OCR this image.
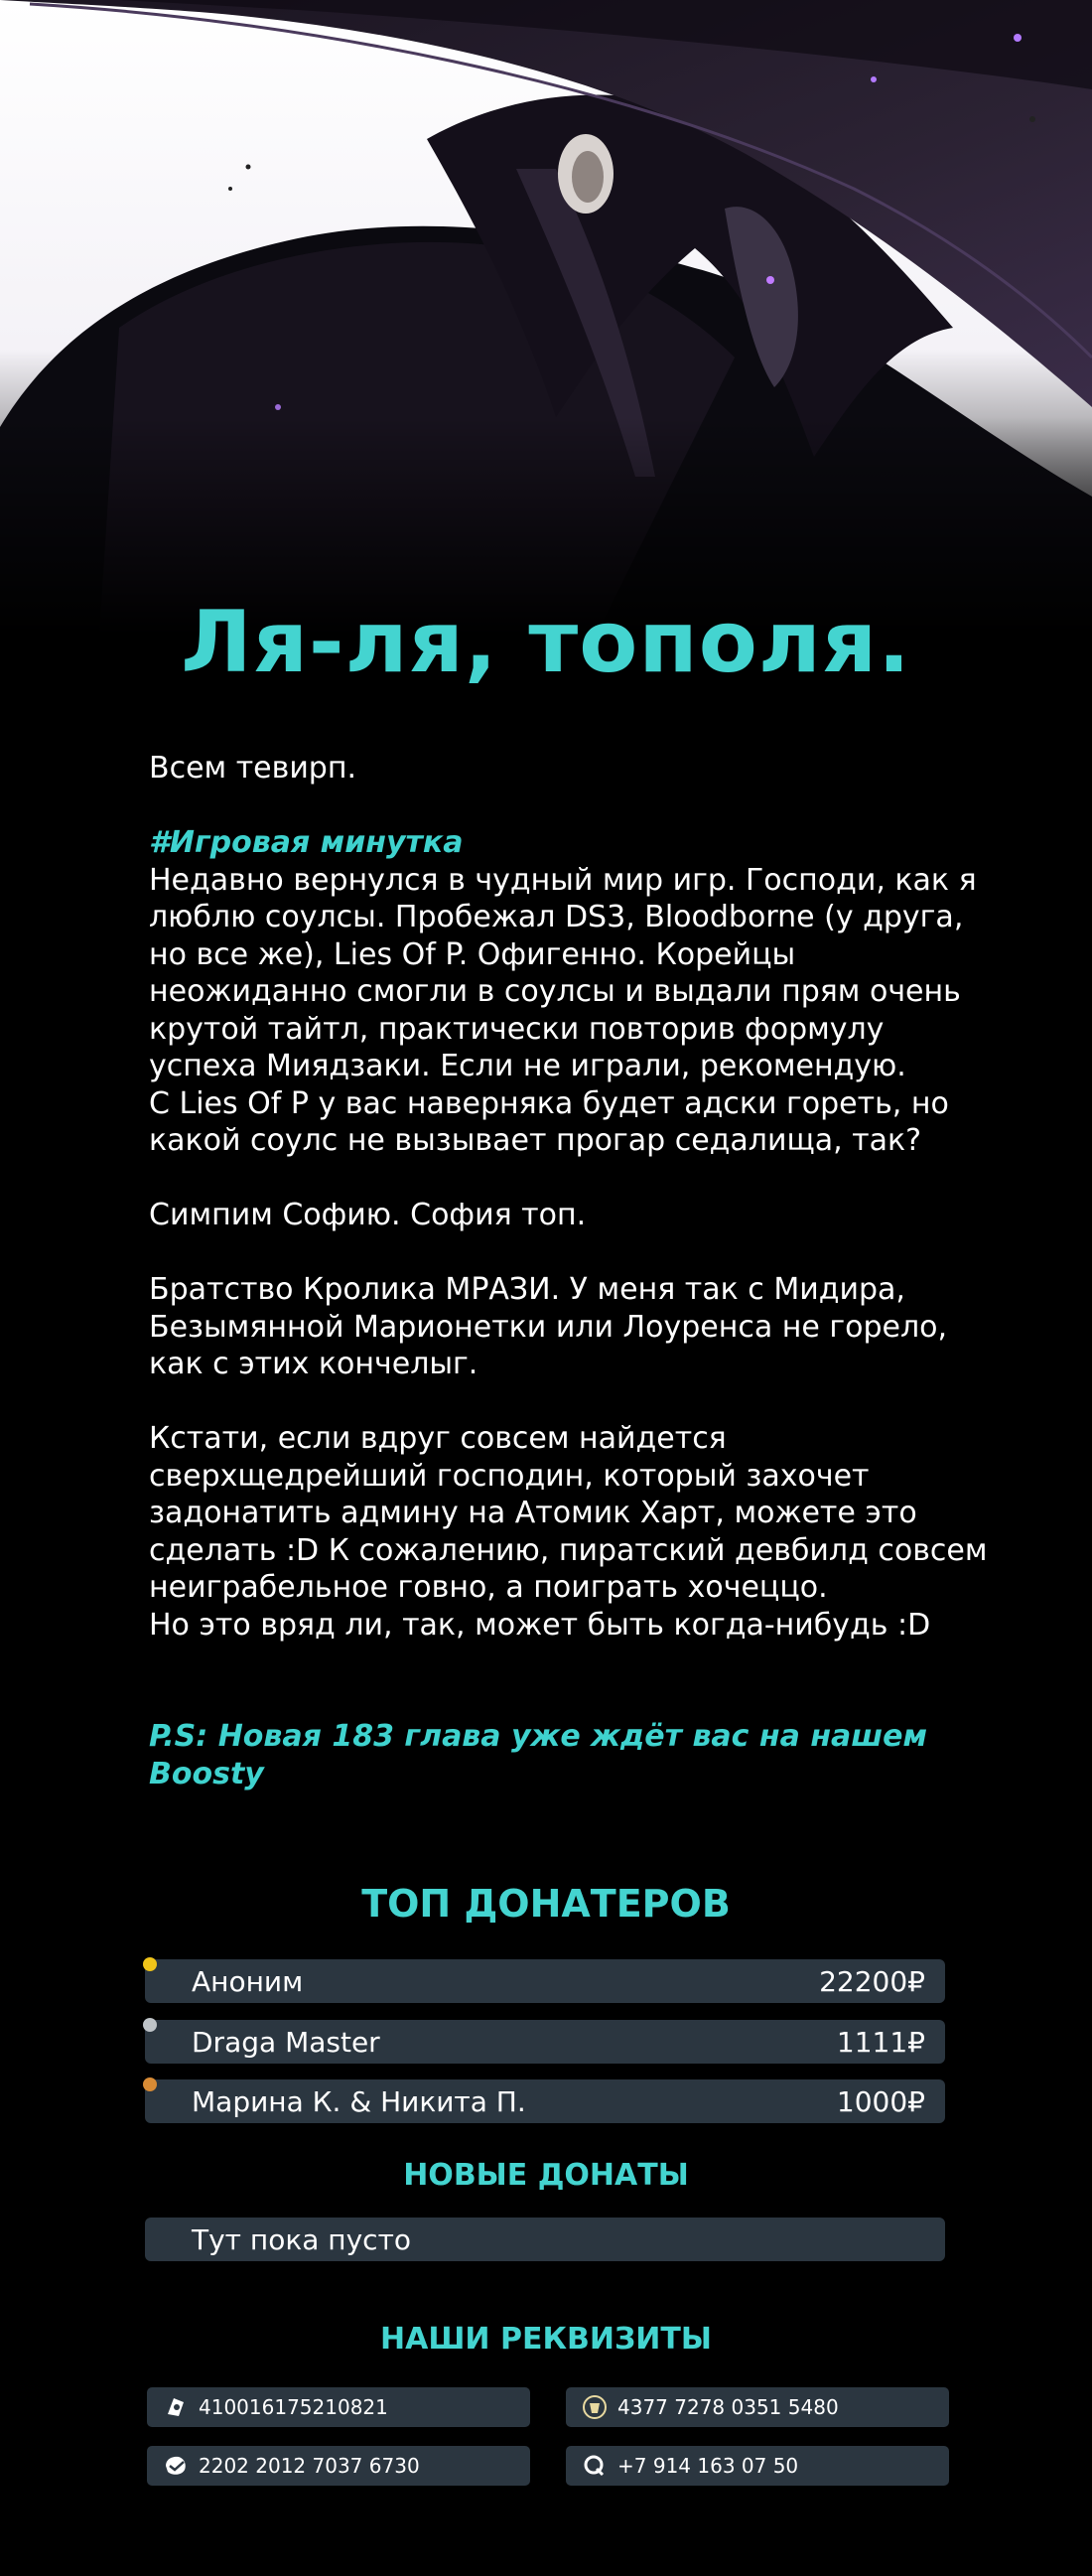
Ля-ля, тополя.

Всем тевирп.

#Игровая минутка

Недавно вернулся в чудный мир игр. Господи, как я

люблю соулсы. Пробежал DS3, Bloodborne (у друга,

но все же), Lies Of P. Офигенно. Корейцы

неожиданно смогли в соулсы и выдали прям очень

крутой тайтл, практически повторив формулу

успеха Миядзаки. Если не играли, рекомендую.

С Lies Of P у вас наверняка будет адски гореть, но

какой соулс не вызывает прогар седалища, так?

Симпим Софию. София топ.

Братство Кролика МРАЗИ. У меня так с Мидира,

Безымянной Марионетки или Лоуренса не горело,

как с этих кончелыг.

Кстати, если вдруг совсем найдется

сверхщедрейший господин, который захочет

задонатить админу на Атомик Харт, можете это

сделать :D К сожалению, пиратский девбилд совсем

неиграбельное говно, а поиграть хочеццо.

Но это вряд ли, так, может быть когда-нибудь :D

P.S: Новая 183 глава уже ждёт вас на нашем
Boosty
ТОП ДОНАТЕРОВ
Аноним	22200₽
Draga Master	1111₽
Марина К. & Никита П.	1000₽
НОВЫЕ ДОНАТЫ
Тут пока пусто
НАШИ РЕКВИЗИТЫ
410016175210821	4377 7278 0351 5480
2202 2012 7037 6730	+7 914 163 07 50
